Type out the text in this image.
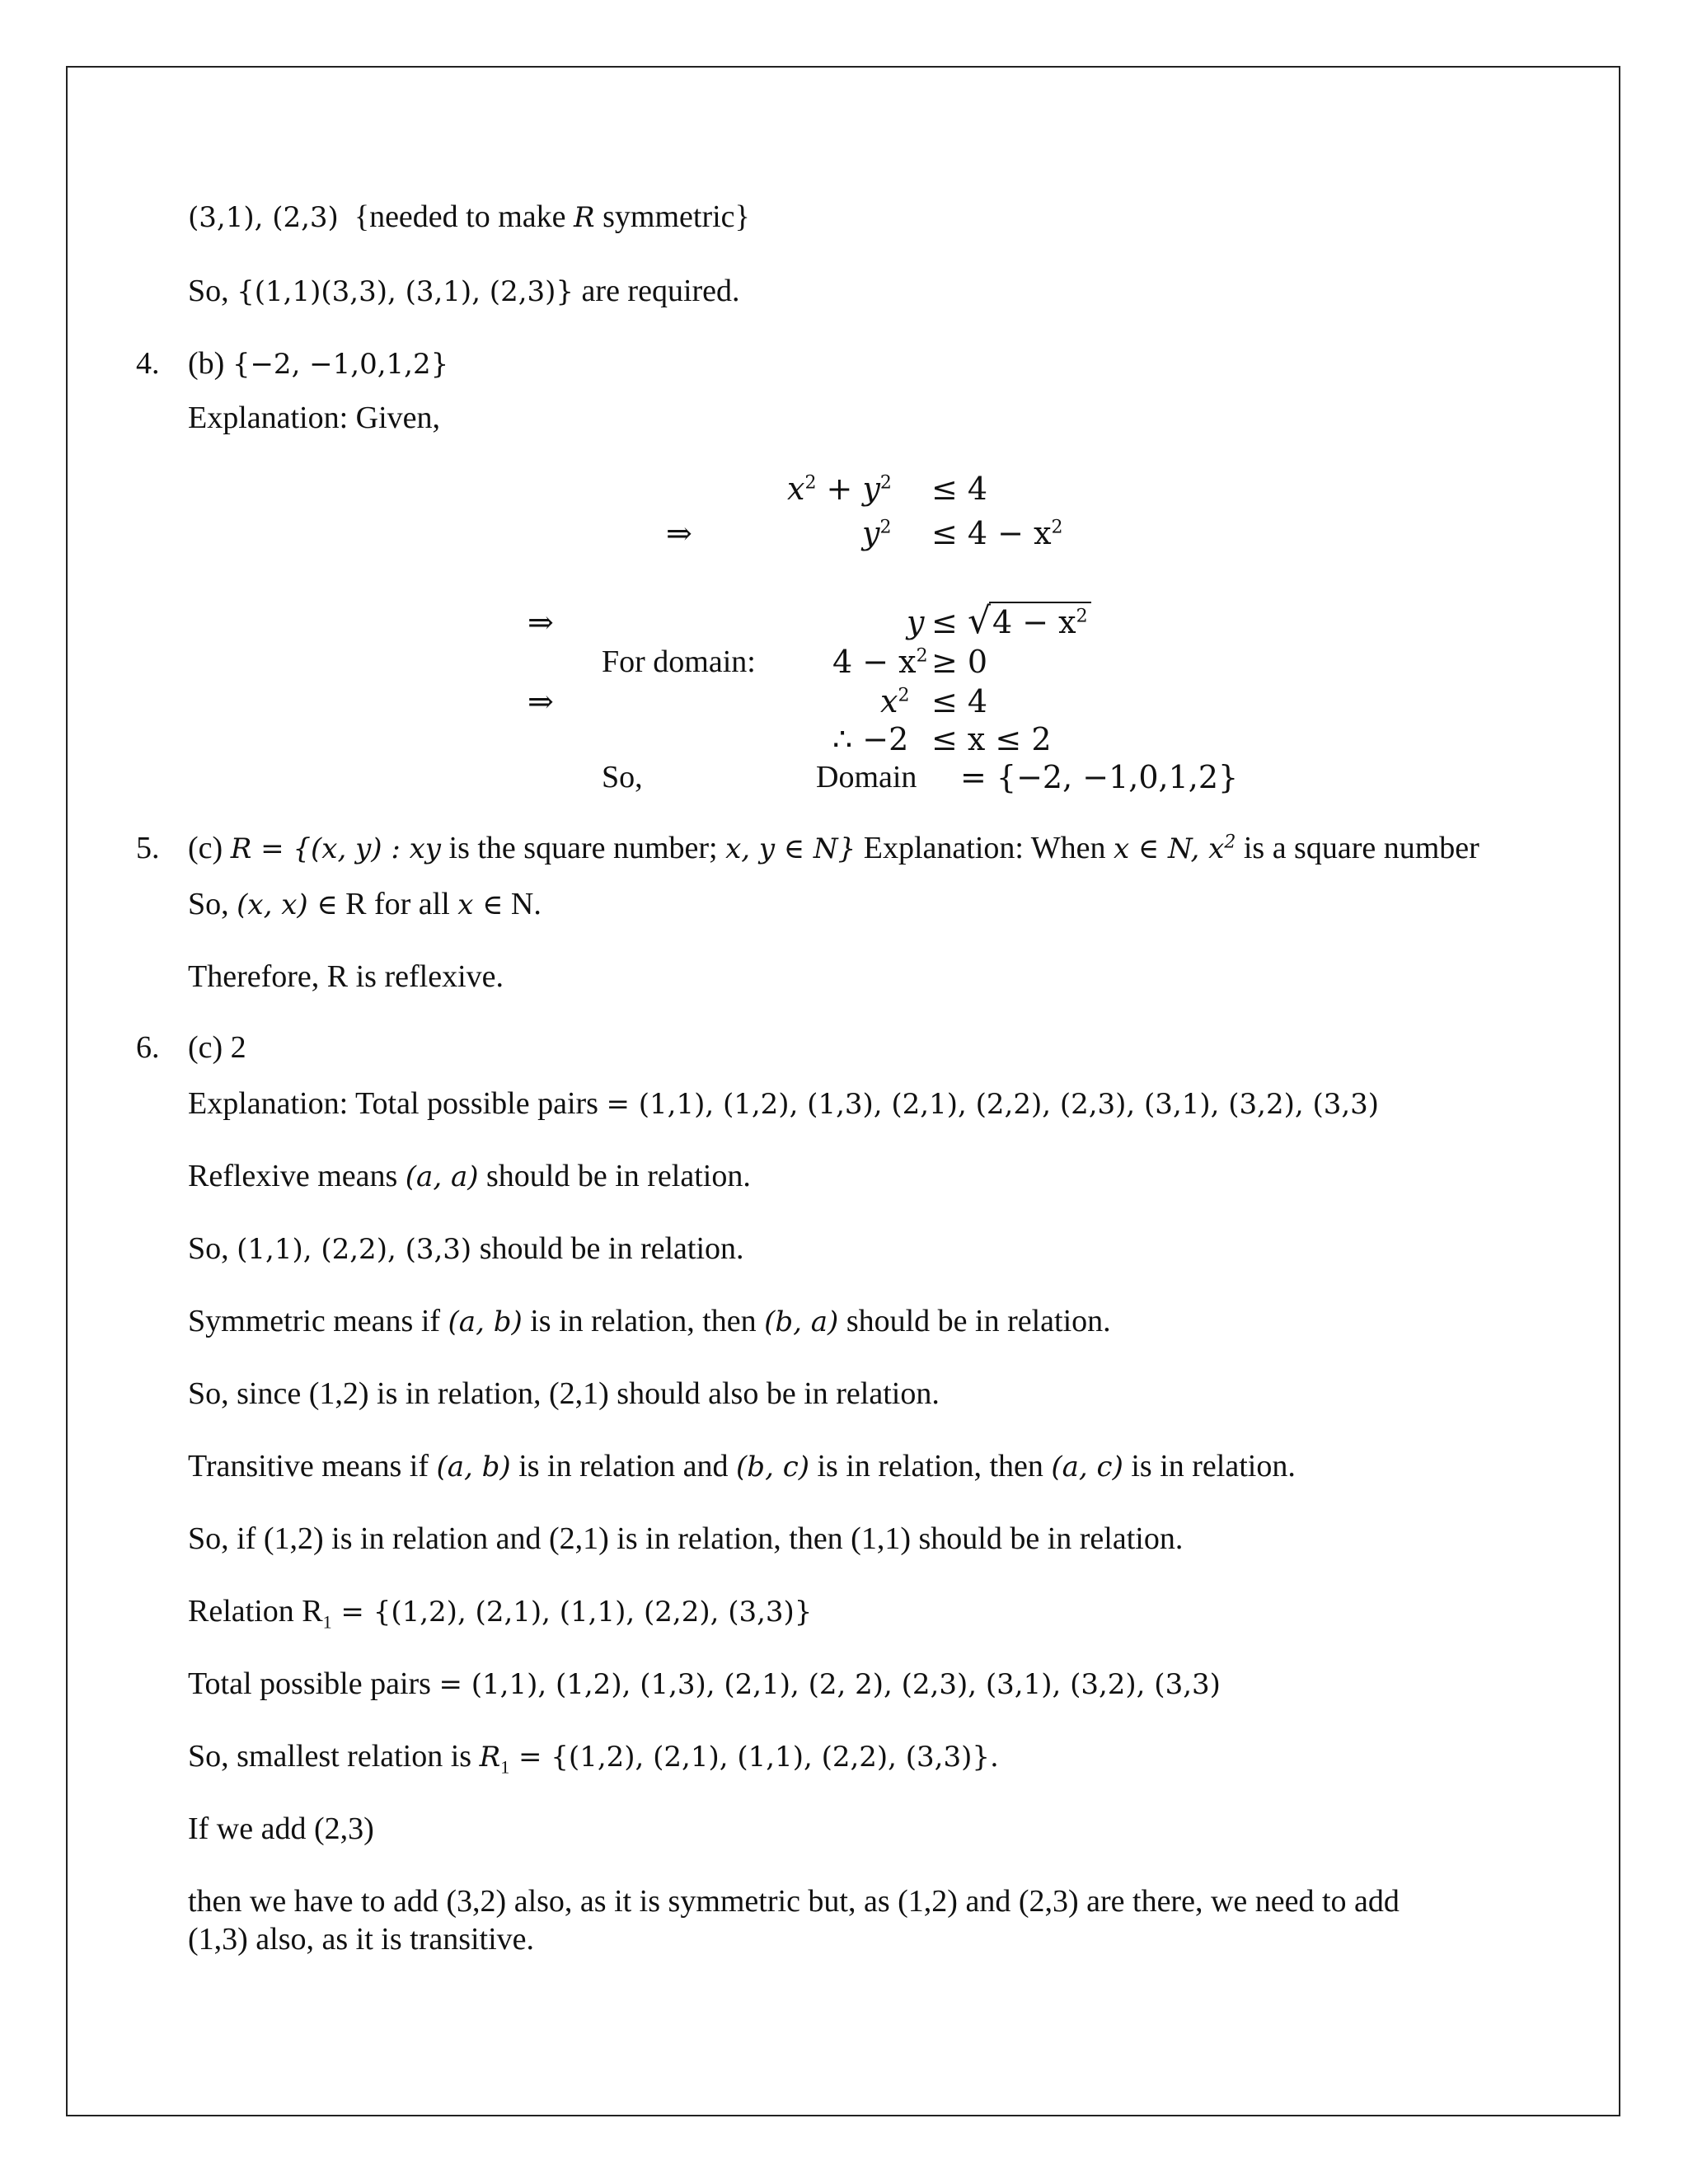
(3,1), (2,3) {needed to make R symmetric}
So, {(1,1)(3,3), (3,1), (2,3)} are required.
4. (b) {−2, −1,0,1,2}
Explanation: Given,
$x^2 + y^2 \le 4$
⇒	$y^2 \le 4 - x^2$
⇒	$y \le √4 - x^2$
For domain: $4 - x^2 \ge 0$
⇒	$x^2 \le 4$
∴ −2 ≤ x ≤ 2
So,	Domain = {−2, −1,0,1,2}
5. (c) R = {(x, y) : xy is the square number; x, y ∈ N} Explanation: When x ∈ N, $x^2$ is a square number
So, (x, x) ∈ R for all x ∈ N.
Therefore, R is reflexive.
6. (c) 2
Explanation: Total possible pairs = (1,1), (1,2), (1,3), (2,1), (2,2), (2,3), (3,1), (3,2), (3,3)
Reflexive means (a, a) should be in relation.
So, (1,1), (2,2), (3,3) should be in relation.
Symmetric means if (a, b) is in relation, then (b, a) should be in relation.
So, since (1,2) is in relation, (2,1) should also be in relation.
Transitive means if (a, b) is in relation and (b, c) is in relation, then (a, c) is in relation.
So, if (1,2) is in relation and (2,1) is in relation, then (1,1) should be in relation.
Relation $R_1 = \{(1,2)$, (2,1), (1,1), (2,2), (3,3)}
Total possible pairs = (1,1), (1,2), (1,3), (2,1), (2, 2), (2,3), (3,1), (3,2), (3,3)
So, smallest relation is $R_1 = \{(1,2)$, (2,1), (1,1), (2,2), (3,3)}.
If we add (2,3)
then we have to add (3,2) also, as it is symmetric but, as (1,2) and (2,3) are there, we need to add
(1,3) also, as it is transitive.
